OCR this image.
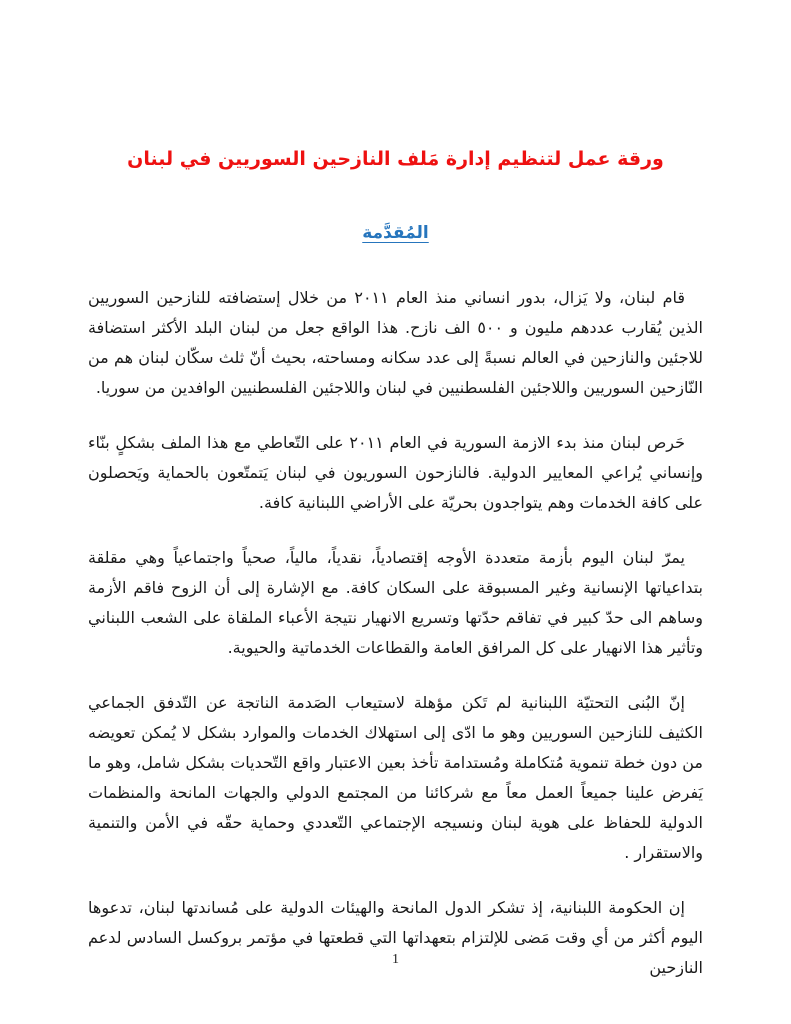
ورقة عمل لتنظيم إدارة مَلف النازحين السوريين في لبنان
المُقدَّمة

قام لبنان، ولا يَزال، بدور انساني منذ العام ٢٠١١ من خلال إستضافته للنازحين السوريين الذين يُقارب عددهم مليون و ٥٠٠ الف نازح. هذا الواقع جعل من لبنان البلد الأكثر استضافة للاجئين والنازحين في العالم نسبةً إلى عدد سكانه ومساحته، بحيث أنّ ثلث سكّان لبنان هم من النّازحين السوريين واللاجئين الفلسطنيين في لبنان واللاجئين الفلسطنيين الوافدين من سوريا.

حَرص لبنان منذ بدء الازمة السورية في العام ٢٠١١ على التّعاطي مع هذا الملف بشكلٍ بنّاء وإنساني يُراعي المعايير الدولية. فالنازحون السوريون في لبنان يَتمتّعون بالحماية ويَحصلون على كافة الخدمات وهم يتواجدون بحريّة على الأراضي اللبنانية كافة.

يمرّ لبنان اليوم بأزمة متعددة الأوجه إقتصادياً، نقدياً، مالياً، صحياً واجتماعياً وهي مقلقة بتداعياتها الإنسانية وغير المسبوقة على السكان كافة. مع الإشارة إلى أن الزوح فاقم الأزمة وساهم الى حدّ كبير في تفاقم حدّتها وتسريع الانهيار نتيجة الأعباء الملقاة على الشعب اللبناني وتأثير هذا الانهيار على كل المرافق العامة والقطاعات الخدماتية والحيوية.

إنّ البُنى التحتيّة اللبنانية لم تَكن مؤهلة لاستيعاب الصَدمة الناتجة عن التّدفق الجماعي الكثيف للنازحين السوريين وهو ما ادّى إلى استهلاك الخدمات والموارد بشكل لا يُمكن تعويضه من دون خطة تنموية مُتكاملة ومُستدامة تأخذ بعين الاعتبار واقع التّحديات بشكل شامل، وهو ما يَفرض علينا جميعاً العمل معاً مع شركائنا من المجتمع الدولي والجهات المانحة والمنظمات الدولية للحفاظ على هوية لبنان ونسيجه الإجتماعي التّعددي وحماية حقّه في الأمن والتنمية والاستقرار .

إن الحكومة اللبنانية، إذ تشكر الدول المانحة والهيئات الدولية على مُساندتها لبنان، تدعوها اليوم أكثر من أي وقت مَضى للإلتزام بتعهداتها التي قطعتها في مؤتمر بروكسل السادس لدعم النازحين

1
